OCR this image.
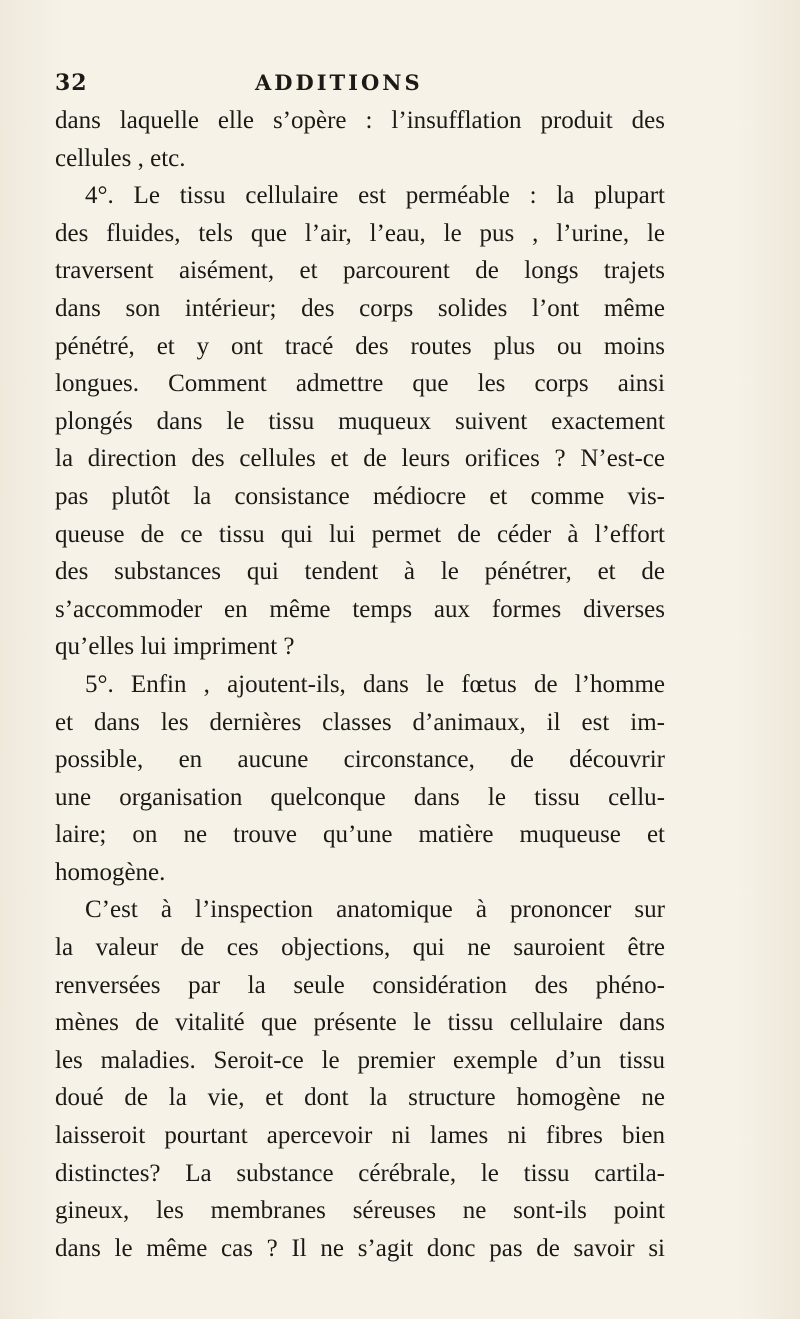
32	ADDITIONS
dans laquelle elle s’opère : l’insufflation produit des
cellules , etc.
4°. Le tissu cellulaire est perméable : la plupart
des fluides, tels que l’air, l’eau, le pus , l’urine, le
traversent aisément, et parcourent de longs trajets
dans son intérieur; des corps solides l’ont même
pénétré, et y ont tracé des routes plus ou moins
longues. Comment admettre que les corps ainsi
plongés dans le tissu muqueux suivent exactement
la direction des cellules et de leurs orifices ? N’est-ce
pas plutôt la consistance médiocre et comme vis-
queuse de ce tissu qui lui permet de céder à l’effort
des substances qui tendent à le pénétrer, et de
s’accommoder en même temps aux formes diverses
qu’elles lui impriment ?
5°. Enfin , ajoutent-ils, dans le fœtus de l’homme
et dans les dernières classes d’animaux, il est im-
possible, en aucune circonstance, de découvrir
une organisation quelconque dans le tissu cellu-
laire; on ne trouve qu’une matière muqueuse et
homogène.
C’est à l’inspection anatomique à prononcer sur
la valeur de ces objections, qui ne sauroient être
renversées par la seule considération des phéno-
mènes de vitalité que présente le tissu cellulaire dans
les maladies. Seroit-ce le premier exemple d’un tissu
doué de la vie, et dont la structure homogène ne
laisseroit pourtant apercevoir ni lames ni fibres bien
distinctes? La substance cérébrale, le tissu cartila-
gineux, les membranes séreuses ne sont-ils point
dans le même cas ? Il ne s’agit donc pas de savoir si
